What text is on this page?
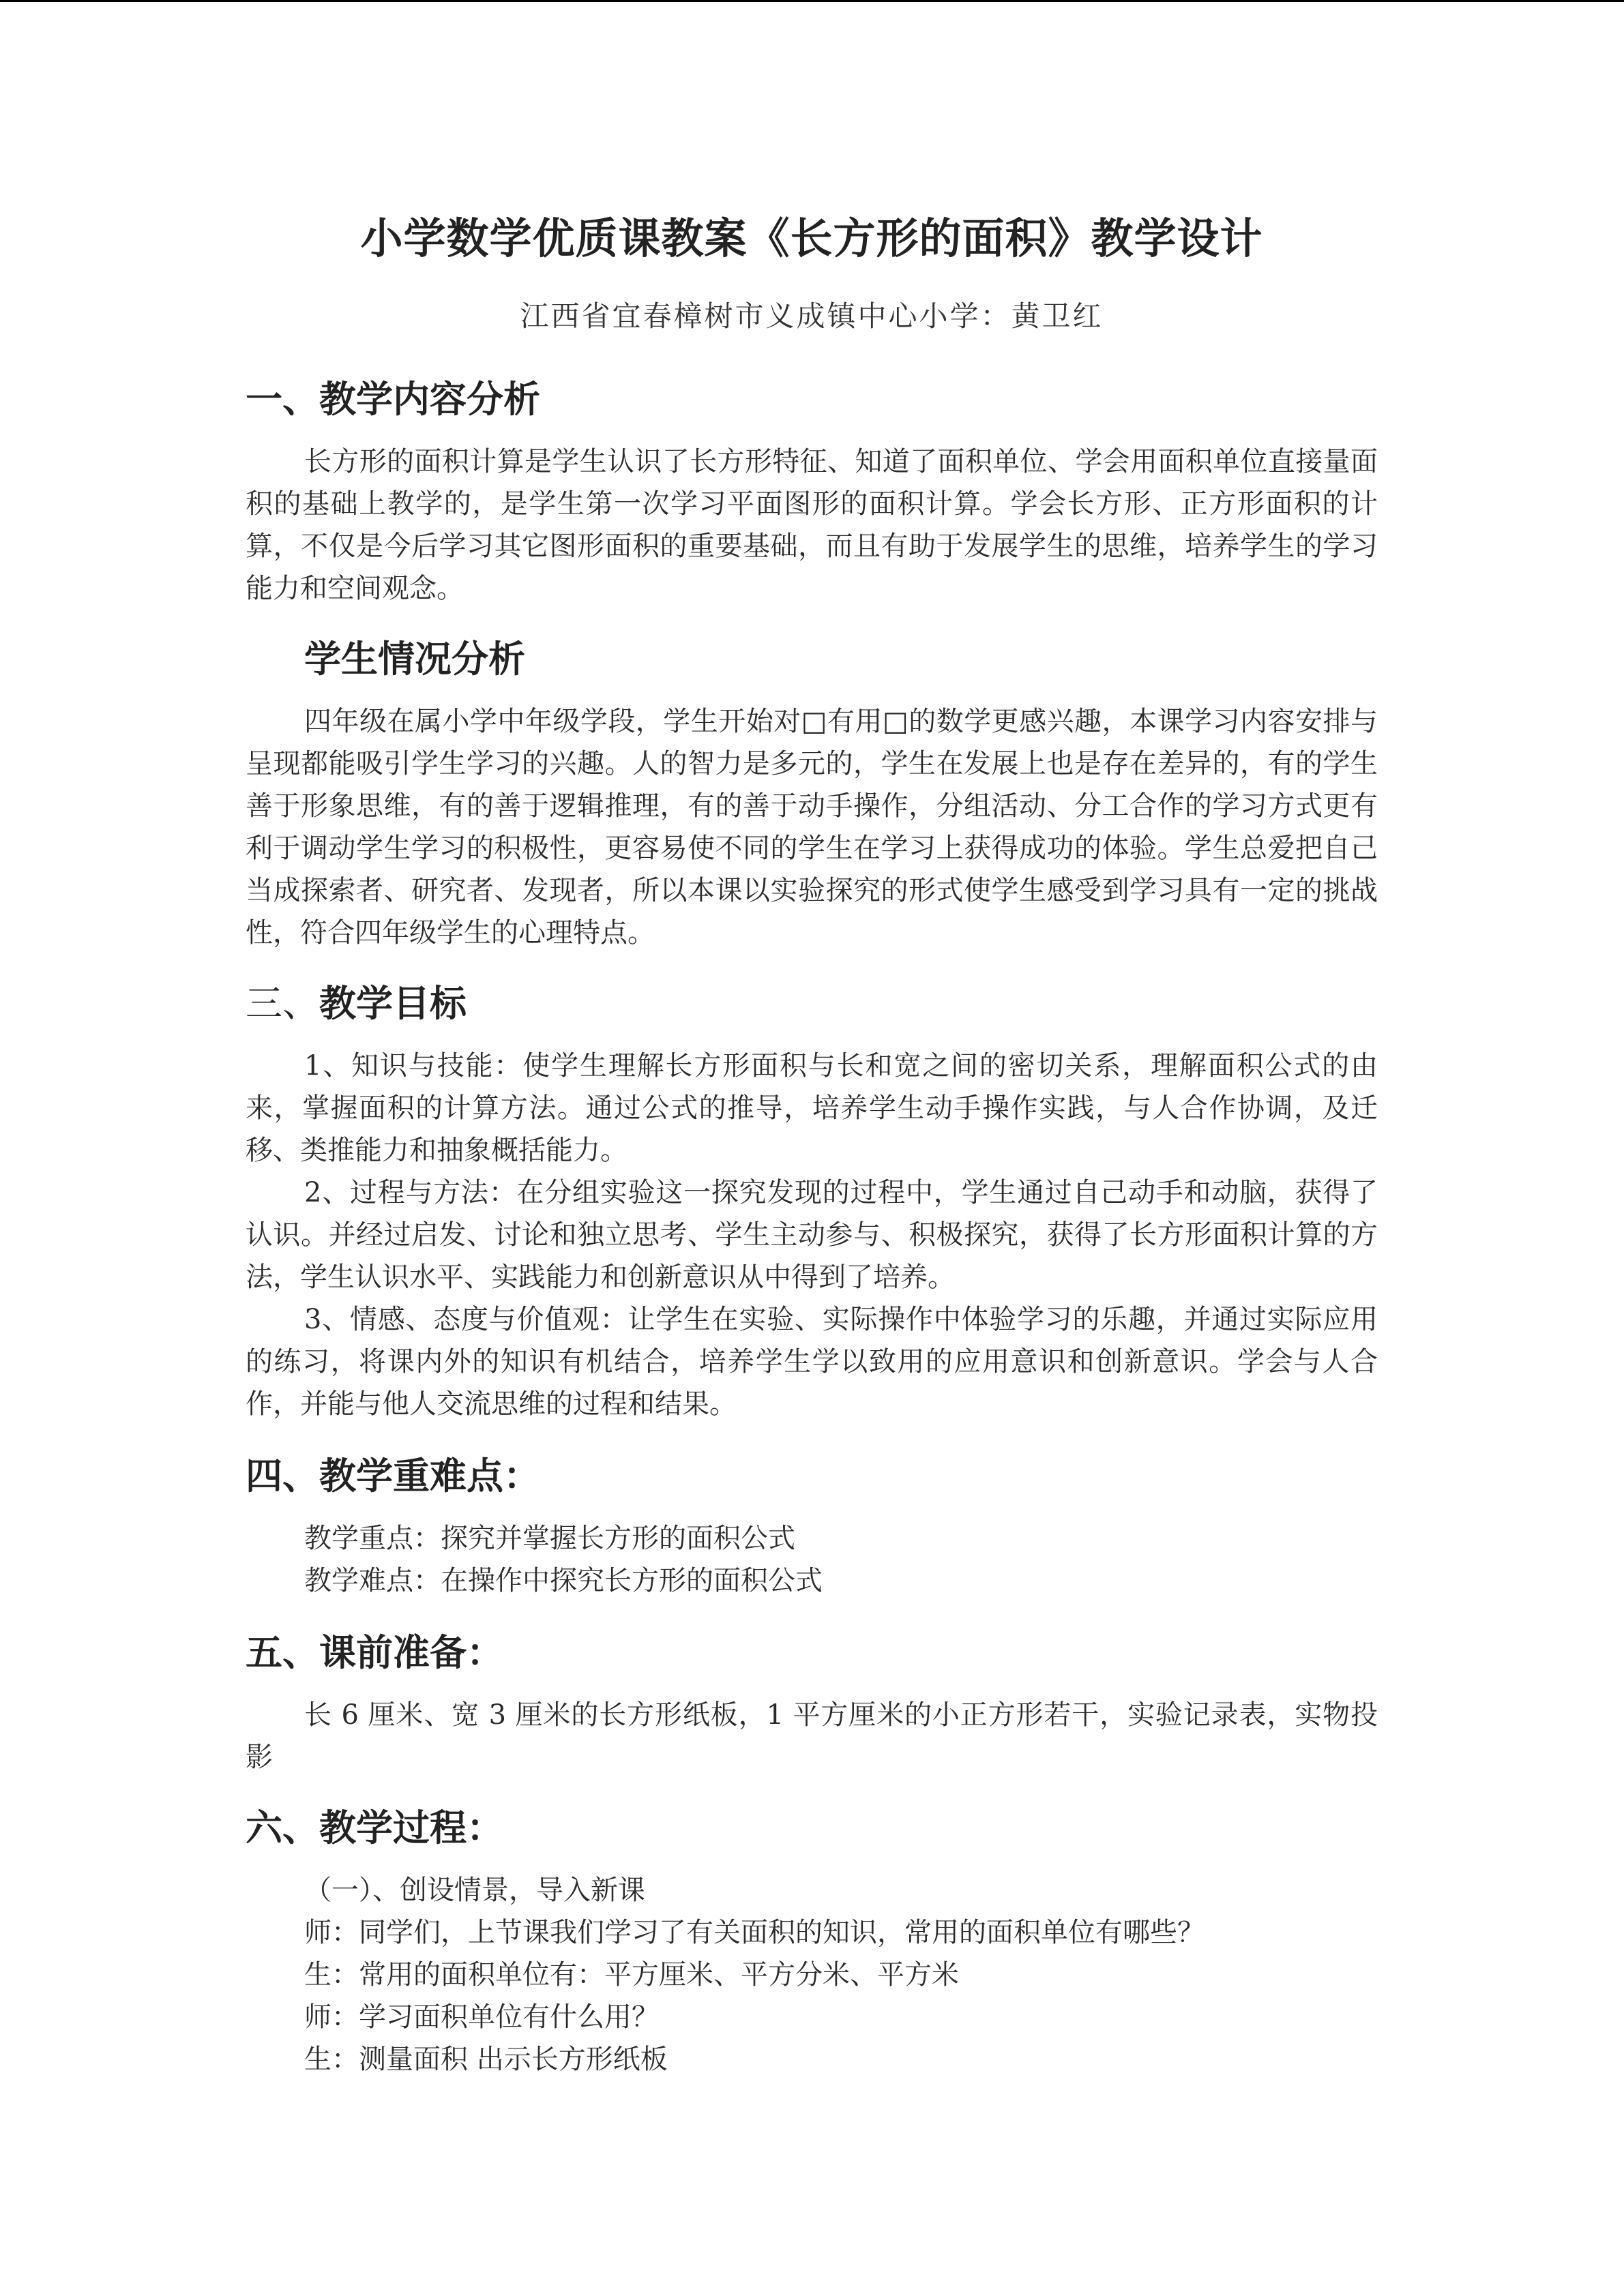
小学数学优质课教案《长方形的面积》教学设计
江西省宜春樟树市义成镇中心小学：黄卫红
一、教学内容分析

长方形的面积计算是学生认识了长方形特征、知道了面积单位、学会用面积单位直接量面积的基础上教学的，是学生第一次学习平面图形的面积计算。学会长方形、正方形面积的计算，不仅是今后学习其它图形面积的重要基础，而且有助于发展学生的思维，培养学生的学习能力和空间观念。

学生情况分析

四年级在属小学中年级学段，学生开始对□有用□的数学更感兴趣，本课学习内容安排与呈现都能吸引学生学习的兴趣。人的智力是多元的，学生在发展上也是存在差异的，有的学生善于形象思维，有的善于逻辑推理，有的善于动手操作，分组活动、分工合作的学习方式更有利于调动学生学习的积极性，更容易使不同的学生在学习上获得成功的体验。学生总爱把自己当成探索者、研究者、发现者，所以本课以实验探究的形式使学生感受到学习具有一定的挑战性，符合四年级学生的心理特点。

三、教学目标

1、知识与技能：使学生理解长方形面积与长和宽之间的密切关系，理解面积公式的由来，掌握面积的计算方法。通过公式的推导，培养学生动手操作实践，与人合作协调，及迁移、类推能力和抽象概括能力。

2、过程与方法：在分组实验这一探究发现的过程中，学生通过自己动手和动脑，获得了认识。并经过启发、讨论和独立思考、学生主动参与、积极探究，获得了长方形面积计算的方法，学生认识水平、实践能力和创新意识从中得到了培养。

3、情感、态度与价值观：让学生在实验、实际操作中体验学习的乐趣，并通过实际应用的练习，将课内外的知识有机结合，培养学生学以致用的应用意识和创新意识。学会与人合作，并能与他人交流思维的过程和结果。

四、教学重难点：

教学重点：探究并掌握长方形的面积公式

教学难点：在操作中探究长方形的面积公式

五、课前准备：

长 6 厘米、宽 3 厘米的长方形纸板，1 平方厘米的小正方形若干，实验记录表，实物投影

六、教学过程：

（一）、创设情景，导入新课

师：同学们，上节课我们学习了有关面积的知识，常用的面积单位有哪些？

生：常用的面积单位有：平方厘米、平方分米、平方米

师：学习面积单位有什么用？

生：测量面积 出示长方形纸板
